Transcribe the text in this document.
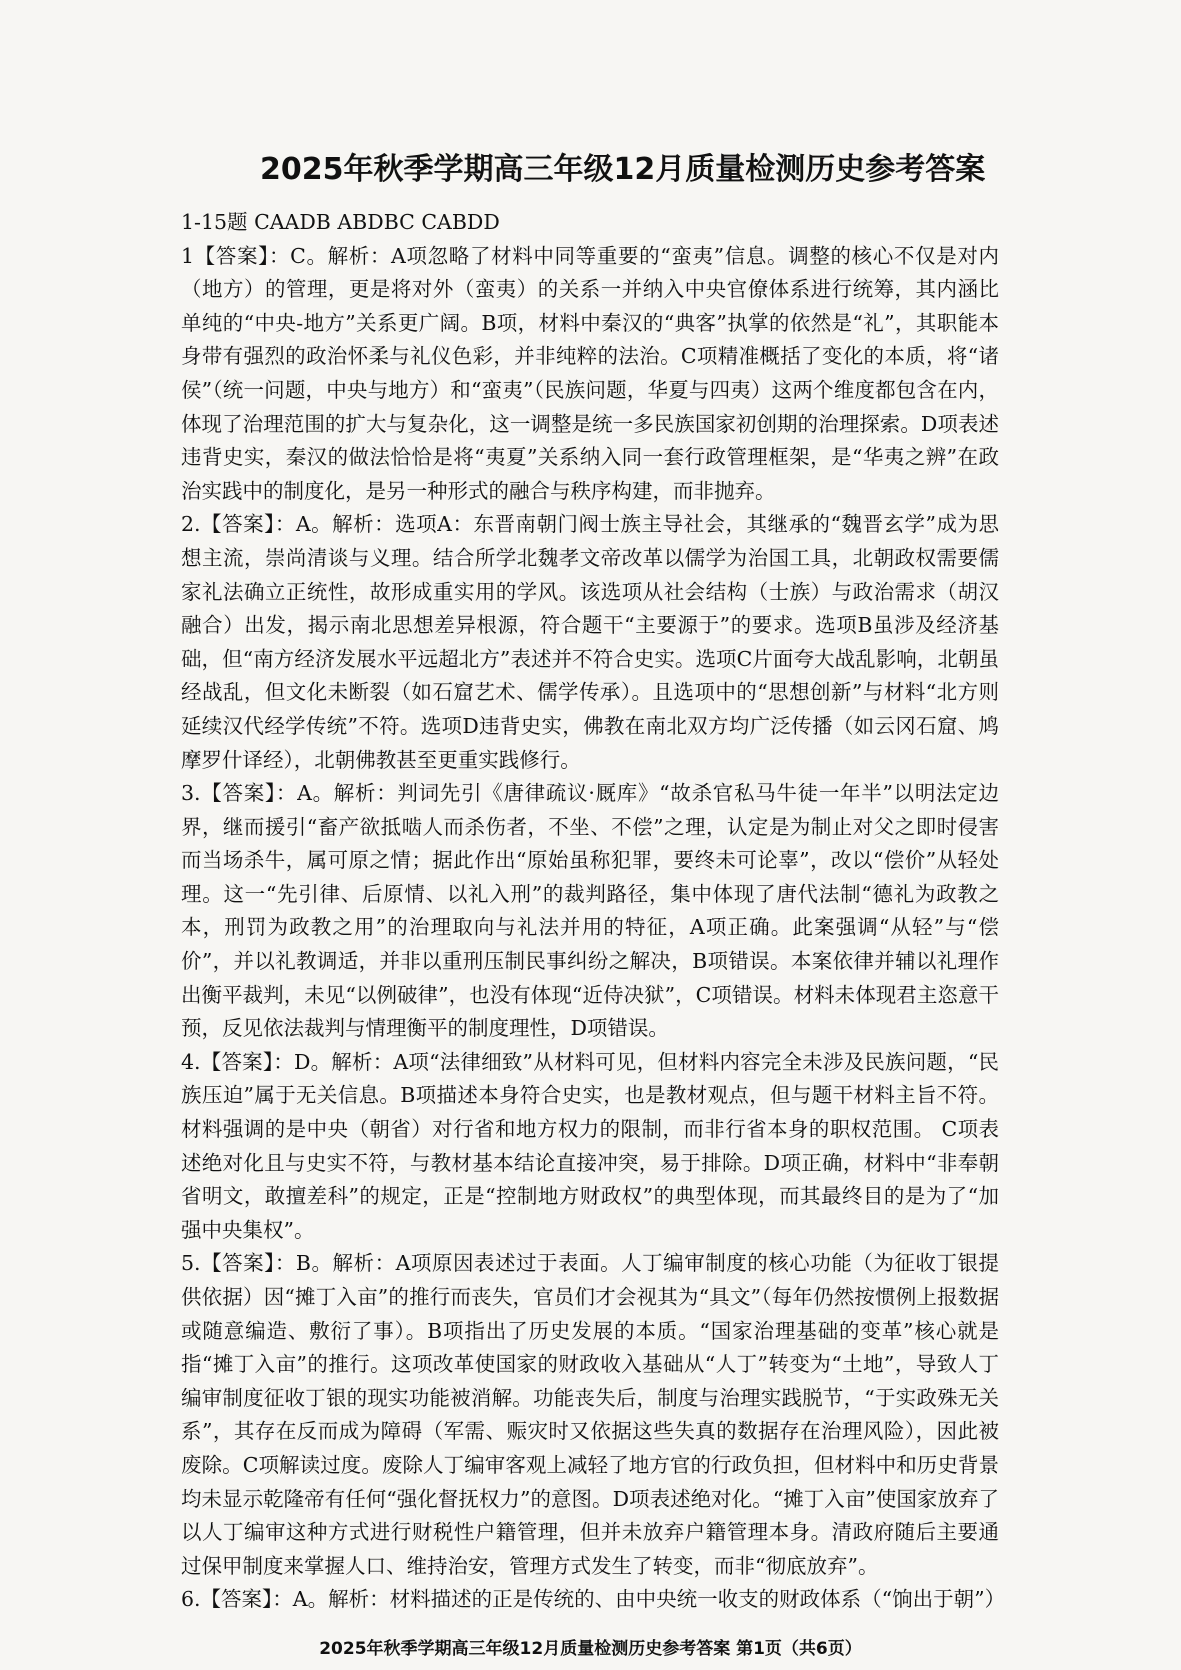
2025年秋季学期高三年级12月质量检测历史参考答案

1-15题 CAADB ABDBC CABDD

1【答案】：C。解析：A项忽略了材料中同等重要的“蛮夷”信息。调整的核心不仅是对内（地方）的管理，更是将对外（蛮夷）的关系一并纳入中央官僚体系进行统筹，其内涵比单纯的“中央-地方”关系更广阔。B项，材料中秦汉的“典客”执掌的依然是“礼”，其职能本身带有强烈的政治怀柔与礼仪色彩，并非纯粹的法治。C项精准概括了变化的本质，将“诸侯”（统一问题，中央与地方）和“蛮夷”（民族问题，华夏与四夷）这两个维度都包含在内，体现了治理范围的扩大与复杂化，这一调整是统一多民族国家初创期的治理探索。D项表述违背史实，秦汉的做法恰恰是将“夷夏”关系纳入同一套行政管理框架，是“华夷之辨”在政治实践中的制度化，是另一种形式的融合与秩序构建，而非抛弃。

2.【答案】：A。解析：选项A：东晋南朝门阀士族主导社会，其继承的“魏晋玄学”成为思想主流，崇尚清谈与义理。结合所学北魏孝文帝改革以儒学为治国工具，北朝政权需要儒家礼法确立正统性，故形成重实用的学风。该选项从社会结构（士族）与政治需求（胡汉融合）出发，揭示南北思想差异根源，符合题干“主要源于”的要求。选项B虽涉及经济基础，但“南方经济发展水平远超北方”表述并不符合史实。选项C片面夸大战乱影响，北朝虽经战乱，但文化未断裂（如石窟艺术、儒学传承）。且选项中的“思想创新”与材料“北方则延续汉代经学传统”不符。选项D违背史实，佛教在南北双方均广泛传播（如云冈石窟、鸠摩罗什译经），北朝佛教甚至更重实践修行。

3.【答案】：A。解析：判词先引《唐律疏议·厩库》“故杀官私马牛徒一年半”以明法定边界，继而援引“畜产欲抵啮人而杀伤者，不坐、不偿”之理，认定是为制止对父之即时侵害而当场杀牛，属可原之情；据此作出“原始虽称犯罪，要终未可论辜”，改以“偿价”从轻处理。这一“先引律、后原情、以礼入刑”的裁判路径，集中体现了唐代法制“德礼为政教之本，刑罚为政教之用”的治理取向与礼法并用的特征，A项正确。此案强调“从轻”与“偿价”，并以礼教调适，并非以重刑压制民事纠纷之解决，B项错误。本案依律并辅以礼理作出衡平裁判，未见“以例破律”，也没有体现“近侍决狱”，C项错误。材料未体现君主恣意干预，反见依法裁判与情理衡平的制度理性，D项错误。

4.【答案】：D。解析：A项“法律细致”从材料可见，但材料内容完全未涉及民族问题，“民族压迫”属于无关信息。B项描述本身符合史实，也是教材观点，但与题干材料主旨不符。材料强调的是中央（朝省）对行省和地方权力的限制，而非行省本身的职权范围。 C项表述绝对化且与史实不符，与教材基本结论直接冲突，易于排除。D项正确，材料中“非奉朝省明文，敢擅差科”的规定，正是“控制地方财政权”的典型体现，而其最终目的是为了“加强中央集权”。

5.【答案】：B。解析：A项原因表述过于表面。人丁编审制度的核心功能（为征收丁银提供依据）因“摊丁入亩”的推行而丧失，官员们才会视其为“具文”（每年仍然按惯例上报数据或随意编造、敷衍了事）。B项指出了历史发展的本质。“国家治理基础的变革”核心就是指“摊丁入亩”的推行。这项改革使国家的财政收入基础从“人丁”转变为“土地”，导致人丁编审制度征收丁银的现实功能被消解。功能丧失后，制度与治理实践脱节，“于实政殊无关系”，其存在反而成为障碍（军需、赈灾时又依据这些失真的数据存在治理风险），因此被废除。C项解读过度。废除人丁编审客观上减轻了地方官的行政负担，但材料中和历史背景均未显示乾隆帝有任何“强化督抚权力”的意图。D项表述绝对化。“摊丁入亩”使国家放弃了以人丁编审这种方式进行财税性户籍管理，但并未放弃户籍管理本身。清政府随后主要通过保甲制度来掌握人口、维持治安，管理方式发生了转变，而非“彻底放弃”。

6.【答案】：A。解析：材料描述的正是传统的、由中央统一收支的财政体系（“饷出于朝”）

2025年秋季学期高三年级12月质量检测历史参考答案 第1页（共6页）
